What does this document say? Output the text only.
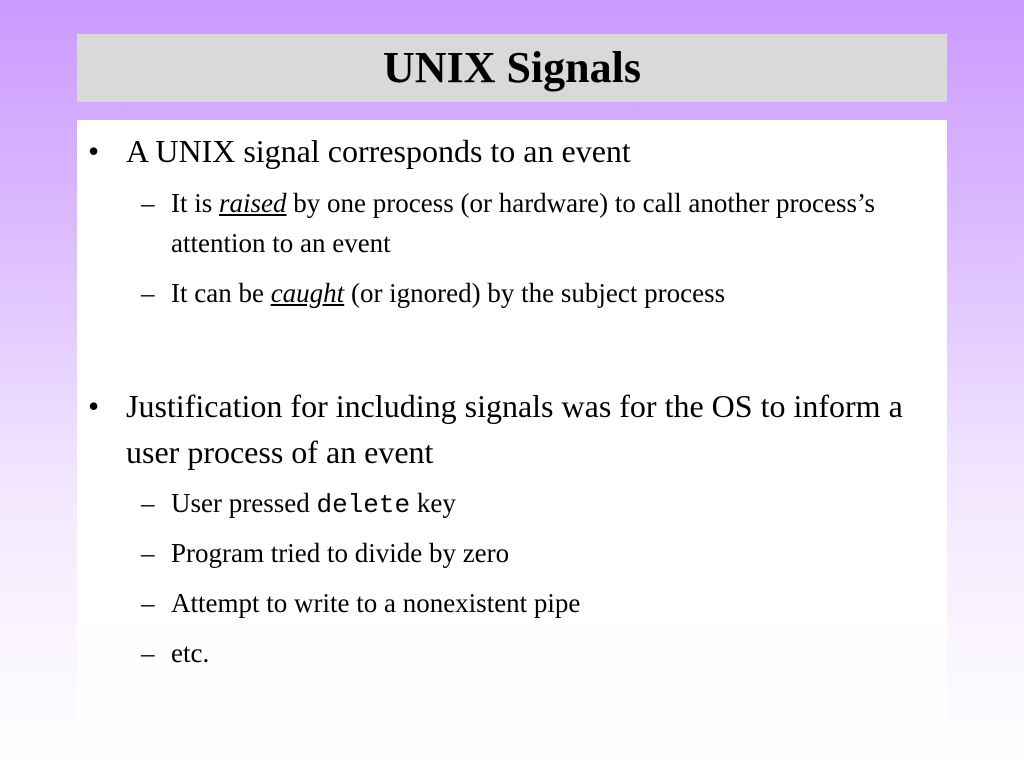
UNIX Signals
• A UNIX signal corresponds to an event
– It is raised by one process (or hardware) to call another process’s attention to an event
– It can be caught (or ignored) by the subject process
• Justification for including signals was for the OS to inform a user process of an event
– User pressed delete key
– Program tried to divide by zero
– Attempt to write to a nonexistent pipe
– etc.
